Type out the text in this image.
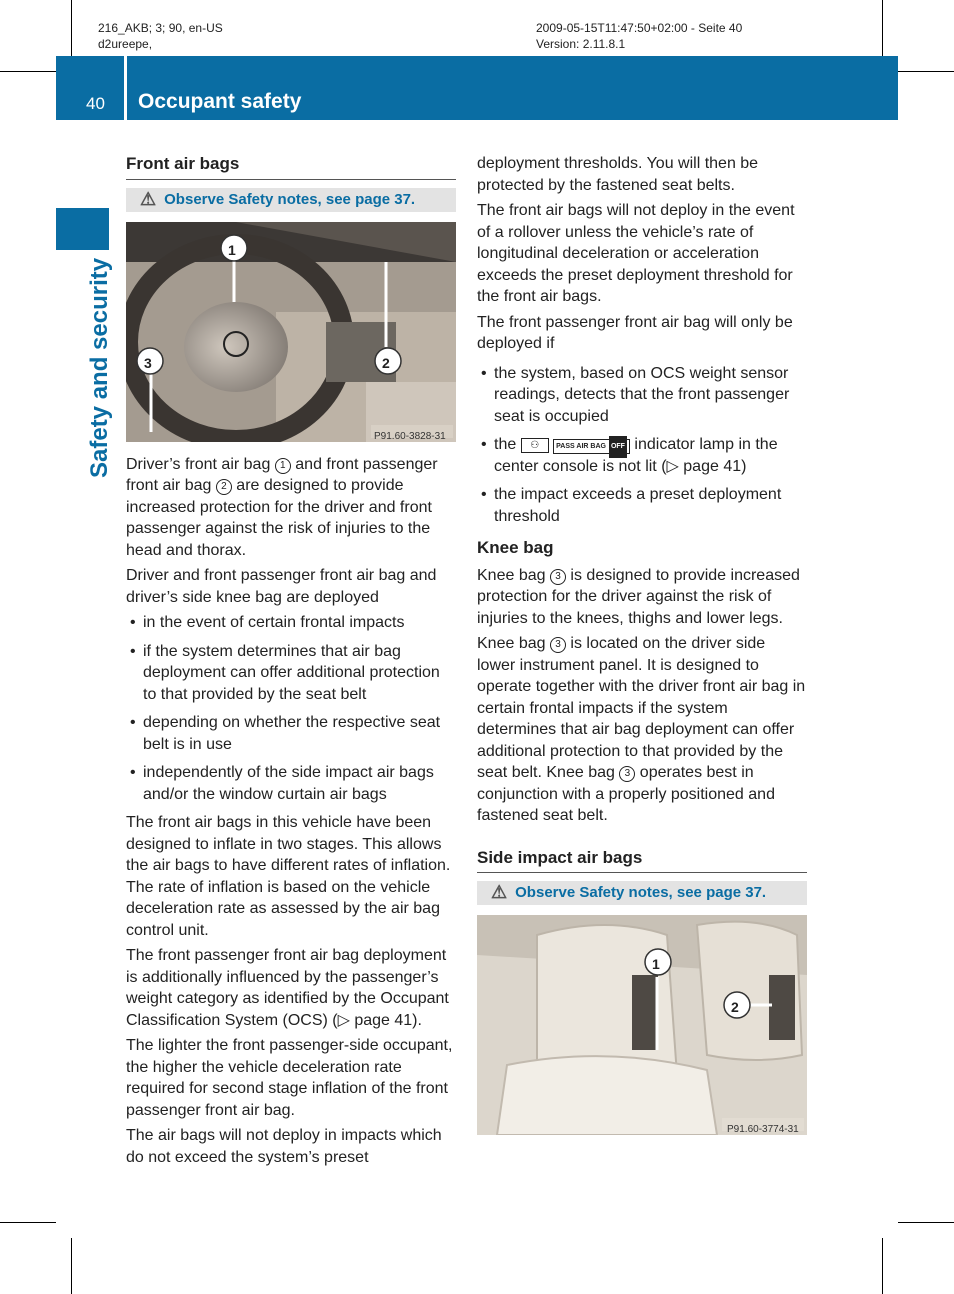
216_AKB; 3; 90, en-US
d2ureepe,
2009-05-15T11:47:50+02:00 - Seite 40
Version: 2.11.8.1
40 Occupant safety
Safety and security
Front air bags
⚠ Observe Safety notes, see page 37.
1
2
3
P91.60-3828-31

Driver’s front air bag 1 and front passenger front air bag 2 are designed to provide increased protection for the driver and front passenger against the risk of injuries to the head and thorax.

Driver and front passenger front air bag and driver’s side knee bag are deployed

• in the event of certain frontal impacts
• if the system determines that air bag deployment can offer additional protection to that provided by the seat belt
• depending on whether the respective seat belt is in use
• independently of the side impact air bags and/or the window curtain air bags

The front air bags in this vehicle have been designed to inflate in two stages. This allows the air bags to have different rates of inflation. The rate of inflation is based on the vehicle deceleration rate as assessed by the air bag control unit.

The front passenger front air bag deployment is additionally influenced by the passenger’s weight category as identified by the Occupant Classification System (OCS) (▷ page 41).

The lighter the front passenger-side occupant, the higher the vehicle deceleration rate required for second stage inflation of the front passenger front air bag.

The air bags will not deploy in impacts which do not exceed the system’s preset

deployment thresholds. You will then be protected by the fastened seat belts.

The front air bags will not deploy in the event of a rollover unless the vehicle’s rate of longitudinal deceleration or acceleration exceeds the preset deployment threshold for the front air bags.

The front passenger front air bag will only be deployed if

• the system, based on OCS weight sensor readings, detects that the front passenger seat is occupied
• the ⚇ PASS AIR BAG OFF indicator lamp in the center console is not lit (▷ page 41)
• the impact exceeds a preset deployment threshold
Knee bag

Knee bag 3 is designed to provide increased protection for the driver against the risk of injuries to the knees, thighs and lower legs.

Knee bag 3 is located on the driver side lower instrument panel. It is designed to operate together with the driver front air bag in certain frontal impacts if the system determines that air bag deployment can offer additional protection to that provided by the seat belt. Knee bag 3 operates best in conjunction with a properly positioned and fastened seat belt.

Side impact air bags
⚠ Observe Safety notes, see page 37.
1
2
P91.60-3774-31
